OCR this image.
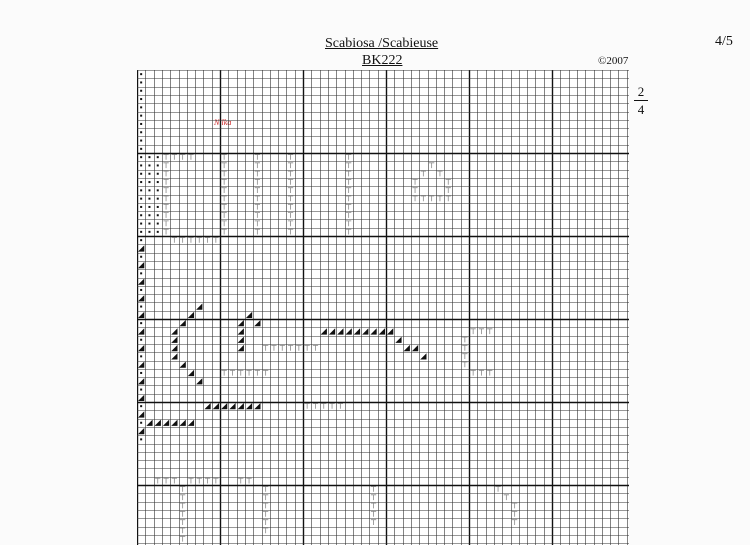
Scabiosa /Scabieuse
BK222	©2007
4/5
2
4
Nilka
